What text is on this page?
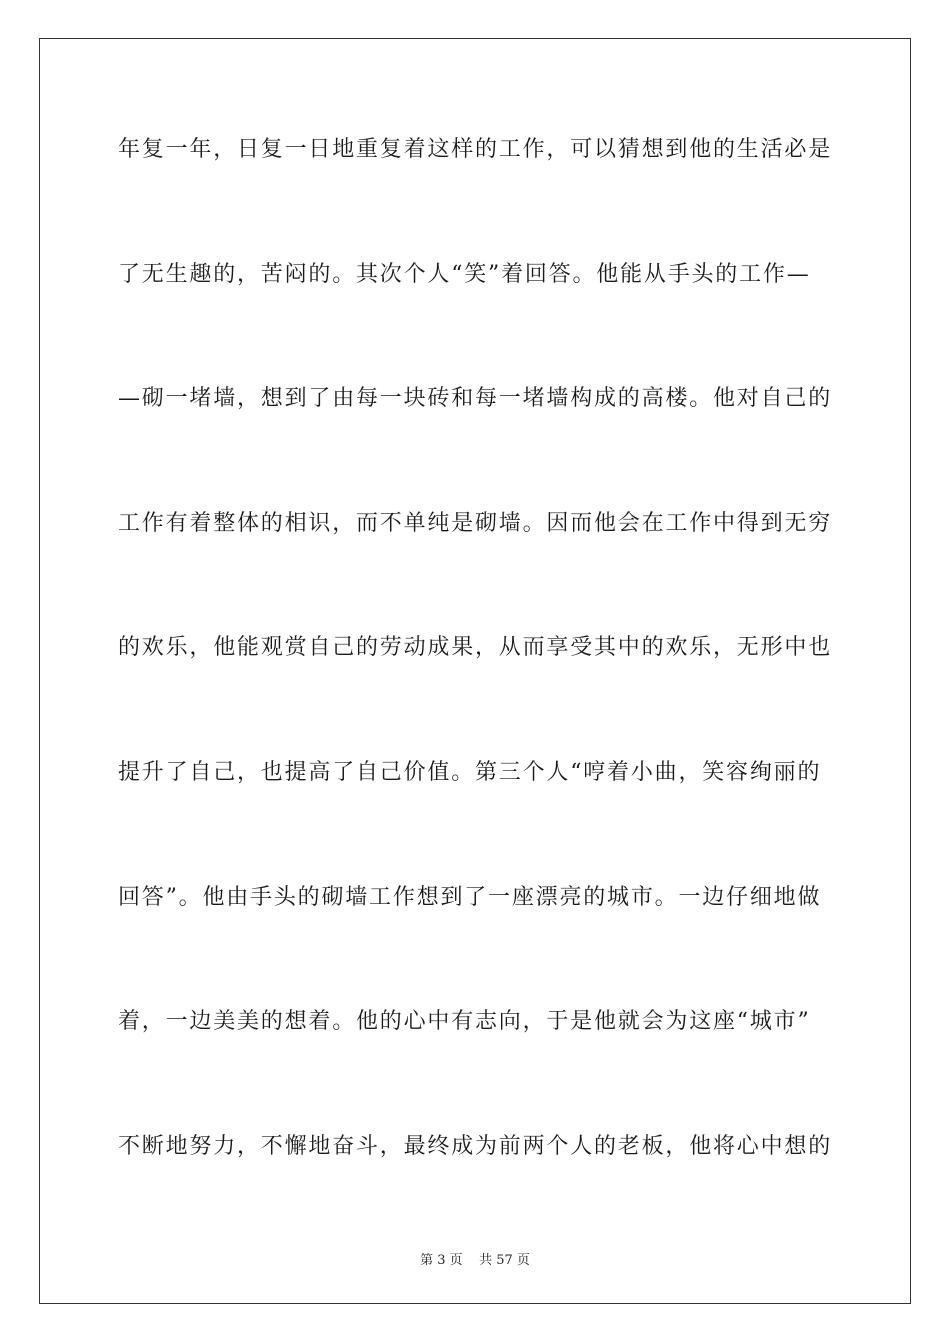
年复一年，日复一日地重复着这样的工作，可以猜想到他的生活必是
了无生趣的，苦闷的。其次个人“笑”着回答。他能从手头的工作—
—砌一堵墙，想到了由每一块砖和每一堵墙构成的高楼。他对自己的
工作有着整体的相识，而不单纯是砌墙。因而他会在工作中得到无穷
的欢乐，他能观赏自己的劳动成果，从而享受其中的欢乐，无形中也
提升了自己，也提高了自己价值。第三个人“哼着小曲，笑容绚丽的
回答”。他由手头的砌墙工作想到了一座漂亮的城市。一边仔细地做
着，一边美美的想着。他的心中有志向，于是他就会为这座“城市”
不断地努力，不懈地奋斗，最终成为前两个人的老板，他将心中想的
第 3 页    共 57 页
